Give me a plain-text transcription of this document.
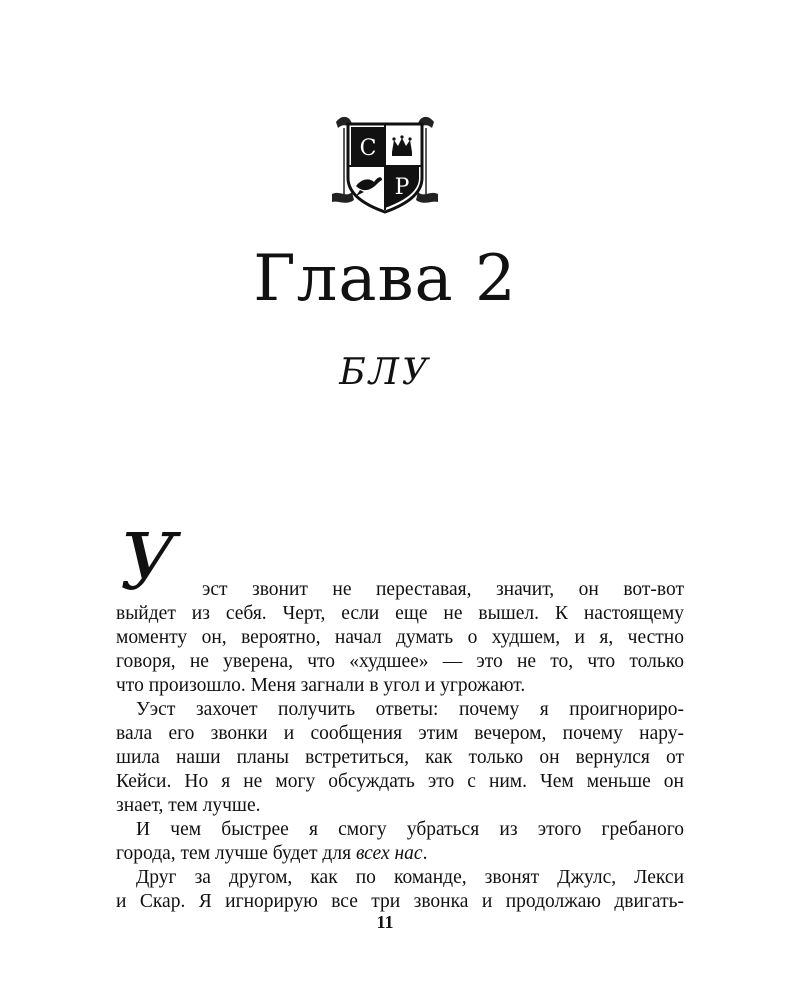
C
P
Глава 2
БЛУ
У эст звонит не переставая, значит, он вот-вот
выйдет из себя. Черт, если еще не вышел. К настоящему
моменту он, вероятно, начал думать о худшем, и я, честно
говоря, не уверена, что «худшее» — это не то, что только
что произошло. Меня загнали в угол и угрожают.
Уэст захочет получить ответы: почему я проигнориро-
вала его звонки и сообщения этим вечером, почему нару-
шила наши планы встретиться, как только он вернулся от
Кейси. Но я не могу обсуждать это с ним. Чем меньше он
знает, тем лучше.
И чем быстрее я смогу убраться из этого гребаного
города, тем лучше будет для всех нас.
Друг за другом, как по команде, звонят Джулс, Лекси
и Скар. Я игнорирую все три звонка и продолжаю двигать-
11
